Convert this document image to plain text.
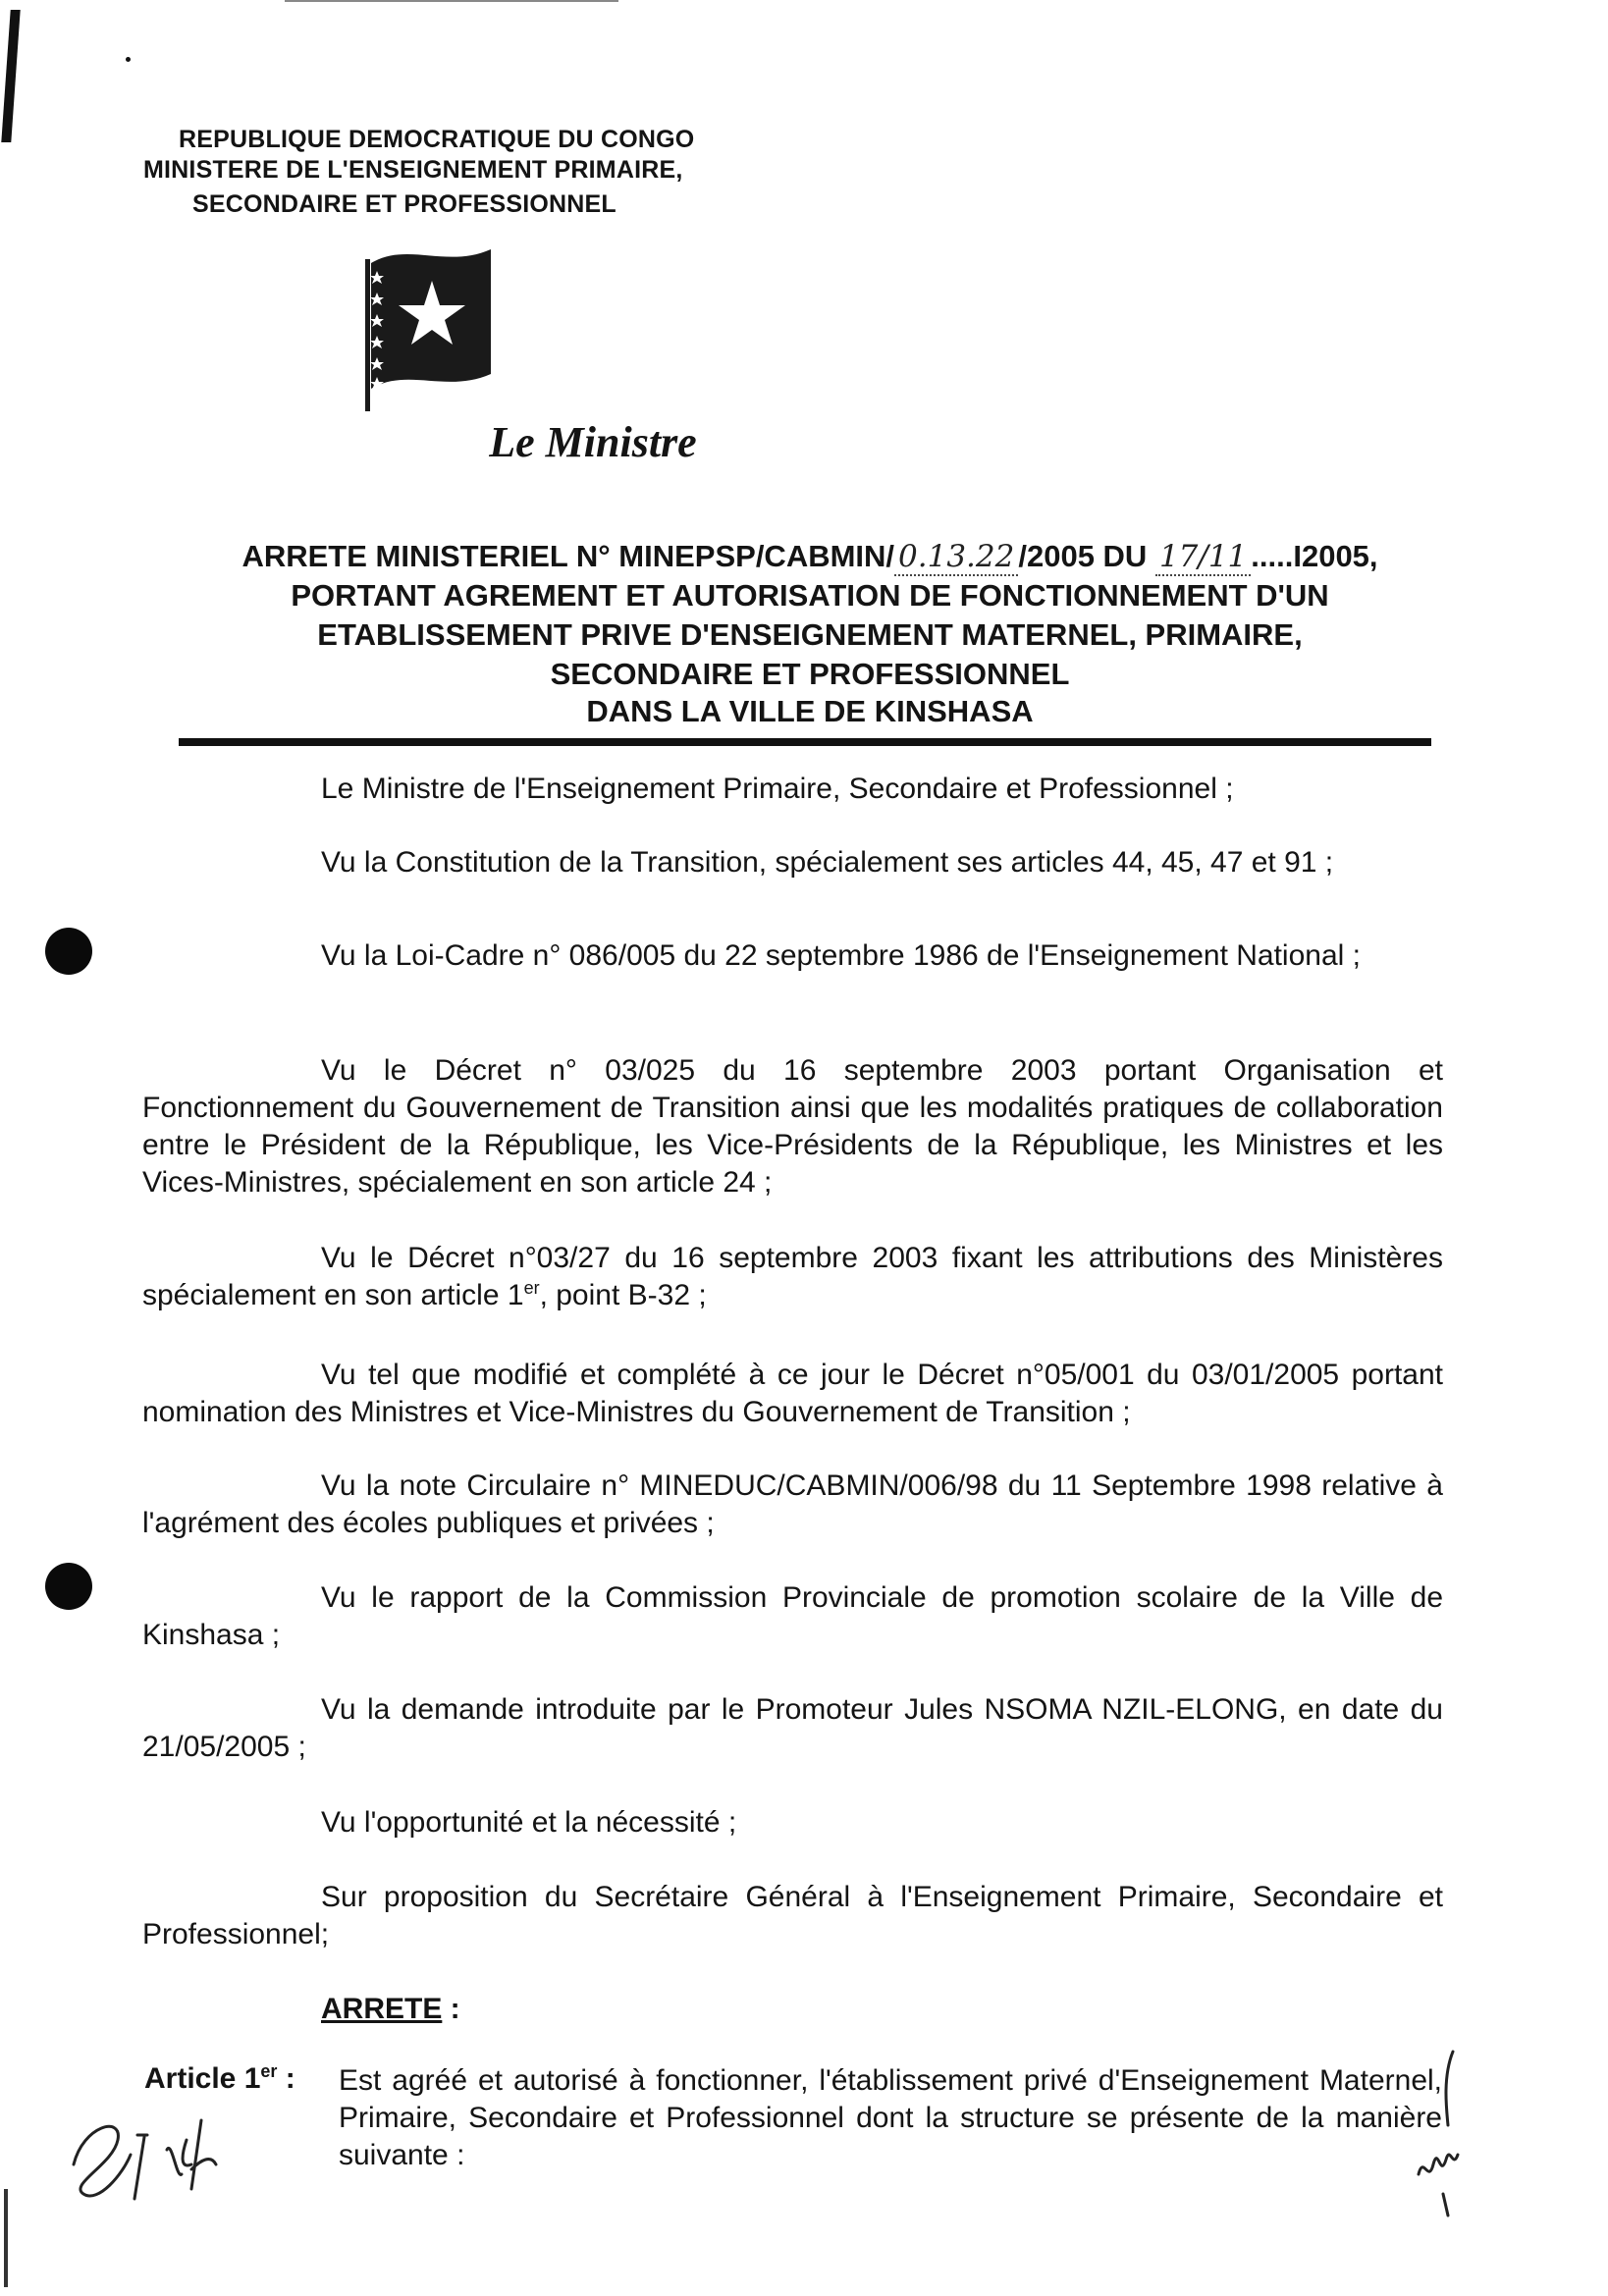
REPUBLIQUE DEMOCRATIQUE DU CONGO
MINISTERE DE L'ENSEIGNEMENT PRIMAIRE,
SECONDAIRE ET PROFESSIONNEL
Le Ministre
ARRETE MINISTERIEL N° MINEPSP/CABMIN/ 0.13.22 /2005 DU 17/11 .....I2005,
PORTANT AGREMENT ET AUTORISATION DE FONCTIONNEMENT D'UN
ETABLISSEMENT PRIVE D'ENSEIGNEMENT MATERNEL, PRIMAIRE,
SECONDAIRE ET PROFESSIONNEL
DANS LA VILLE DE KINSHASA
Le Ministre de l'Enseignement Primaire, Secondaire et Professionnel ;
Vu la Constitution de la Transition, spécialement ses articles 44, 45, 47 et 91 ;
Vu la Loi-Cadre n° 086/005 du 22 septembre 1986 de l'Enseignement National ;
Vu le Décret n° 03/025 du 16 septembre 2003 portant Organisation et Fonctionnement du Gouvernement de Transition ainsi que les modalités pratiques de collaboration entre le Président de la République, les Vice-Présidents de la République, les Ministres et les Vices-Ministres, spécialement en son article 24 ;
Vu le Décret n°03/27 du 16 septembre 2003 fixant les attributions des Ministères spécialement en son article 1er, point B-32 ;
Vu tel que modifié et complété à ce jour le Décret n°05/001 du 03/01/2005 portant nomination des Ministres et Vice-Ministres du Gouvernement de Transition ;
Vu la note Circulaire n° MINEDUC/CABMIN/006/98 du 11 Septembre 1998 relative à l'agrément des écoles publiques et privées ;
Vu le rapport de la Commission Provinciale de promotion scolaire de la Ville de Kinshasa ;
Vu la demande introduite par le Promoteur Jules NSOMA NZIL-ELONG, en date du 21/05/2005 ;
Vu l'opportunité et la nécessité ;
Sur proposition du Secrétaire Général à l'Enseignement Primaire, Secondaire et Professionnel;
ARRETE :
Article 1er : Est agréé et autorisé à fonctionner, l'établissement privé d'Enseignement Maternel, Primaire, Secondaire et Professionnel dont la structure se présente de la manière suivante :
